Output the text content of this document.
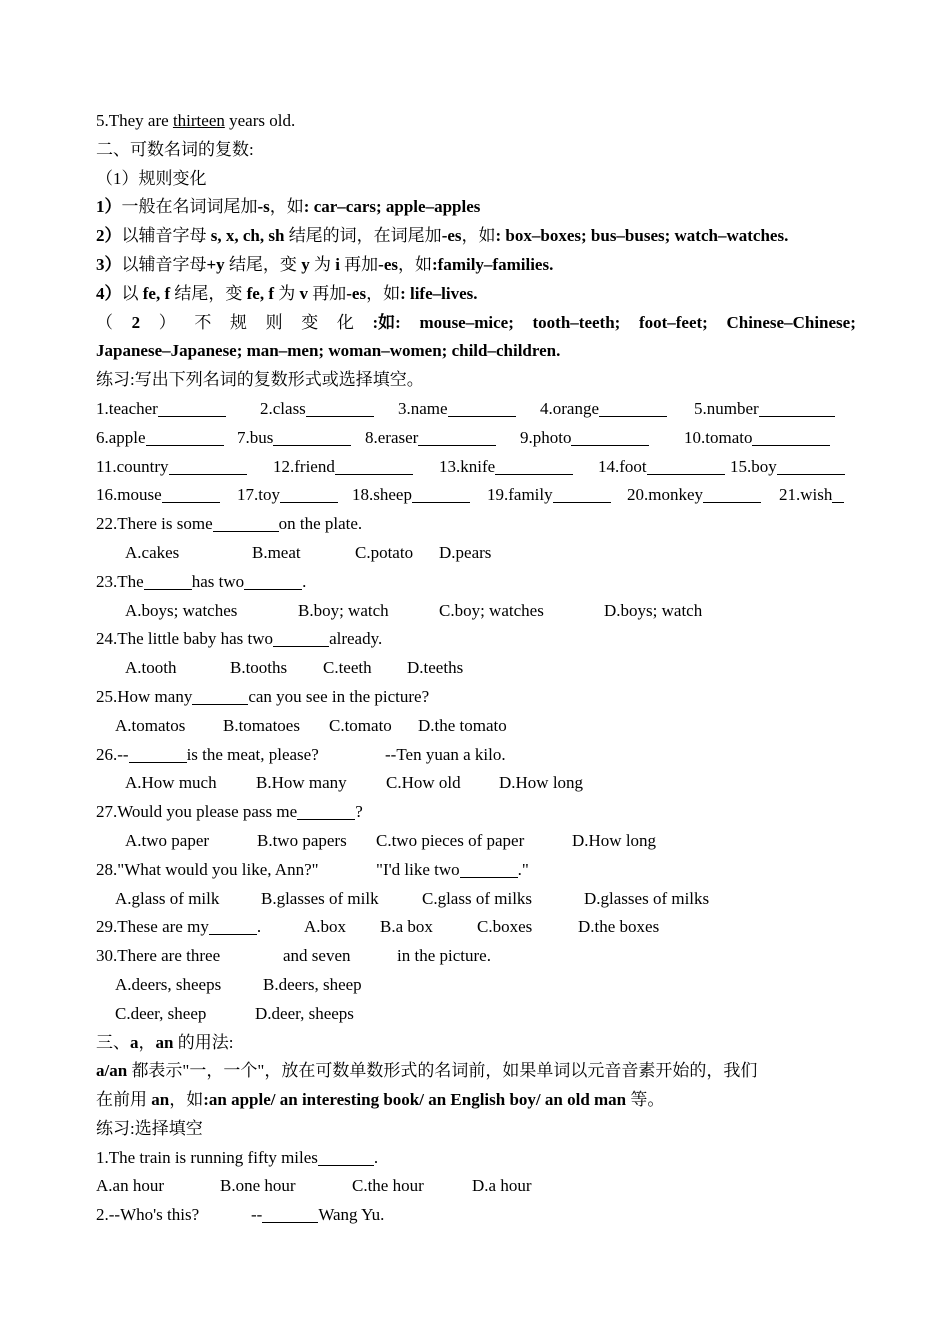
5.They are thirteen years old.
二、可数名词的复数:
（1）规则变化
1）一般在名词词尾加-s，如: car–cars; apple–apples
2）以辅音字母 s, x, ch, sh 结尾的词，在词尾加-es，如: box–boxes; bus–buses; watch–watches.
3）以辅音字母+y 结尾，变 y 为 i 再加-es，如:family–families.
4）以 fe, f 结尾，变 fe, f 为 v 再加-es，如: life–lives.
（ 2 ） 不 规 则 变 化 :如: mouse–mice; tooth–teeth; foot–feet; Chinese–Chinese;
Japanese–Japanese; man–men; woman–women; child–children.
练习:写出下列名词的复数形式或选择填空。
1.teacher	2.class	3.name	4.orange	5.number
6.apple	7.bus	8.eraser	9.photo	10.tomato
11.country	12.friend	13.knife	14.foot	15.boy
16.mouse	17.toy	18.sheep	19.family	20.monkey	21.wish
22.There is some	on the plate.
A.cakes	B.meat	C.potato D.pears
23.The	has two	.
A.boys; watches	B.boy; watch	C.boy; watches	D.boys; watch
24.The little baby has two	already.
A.tooth	B.tooths C.teeth D.teeths
25.How many	can you see in the picture?
A.tomatos B.tomatoes C.tomato D.the tomato
26.--	is the meat, please?	--Ten yuan a kilo.
A.How much B.How many C.How old D.How long
27.Would you please pass me	?
A.two paper	B.two papers C.two pieces of paper	D.How long
28."What would you like, Ann?"	"I'd like two	."
A.glass of milk B.glasses of milk	C.glass of milks	D.glasses of milks
29.These are my	.	A.box B.a box	C.boxes	D.the boxes
30.There are three	and seven	in the picture.
A.deers, sheeps B.deers, sheep
C.deer, sheep	D.deer, sheeps
三、a，an 的用法:
a/an 都表示"一，一个"，放在可数单数形式的名词前，如果单词以元音音素开始的，我们
在前用 an，如:an apple/ an interesting book/ an English boy/ an old man 等。
练习:选择填空
1.The train is running fifty miles	.
A.an hour	B.one hour	C.the hour	D.a hour
2.--Who's this?	--	Wang Yu.
